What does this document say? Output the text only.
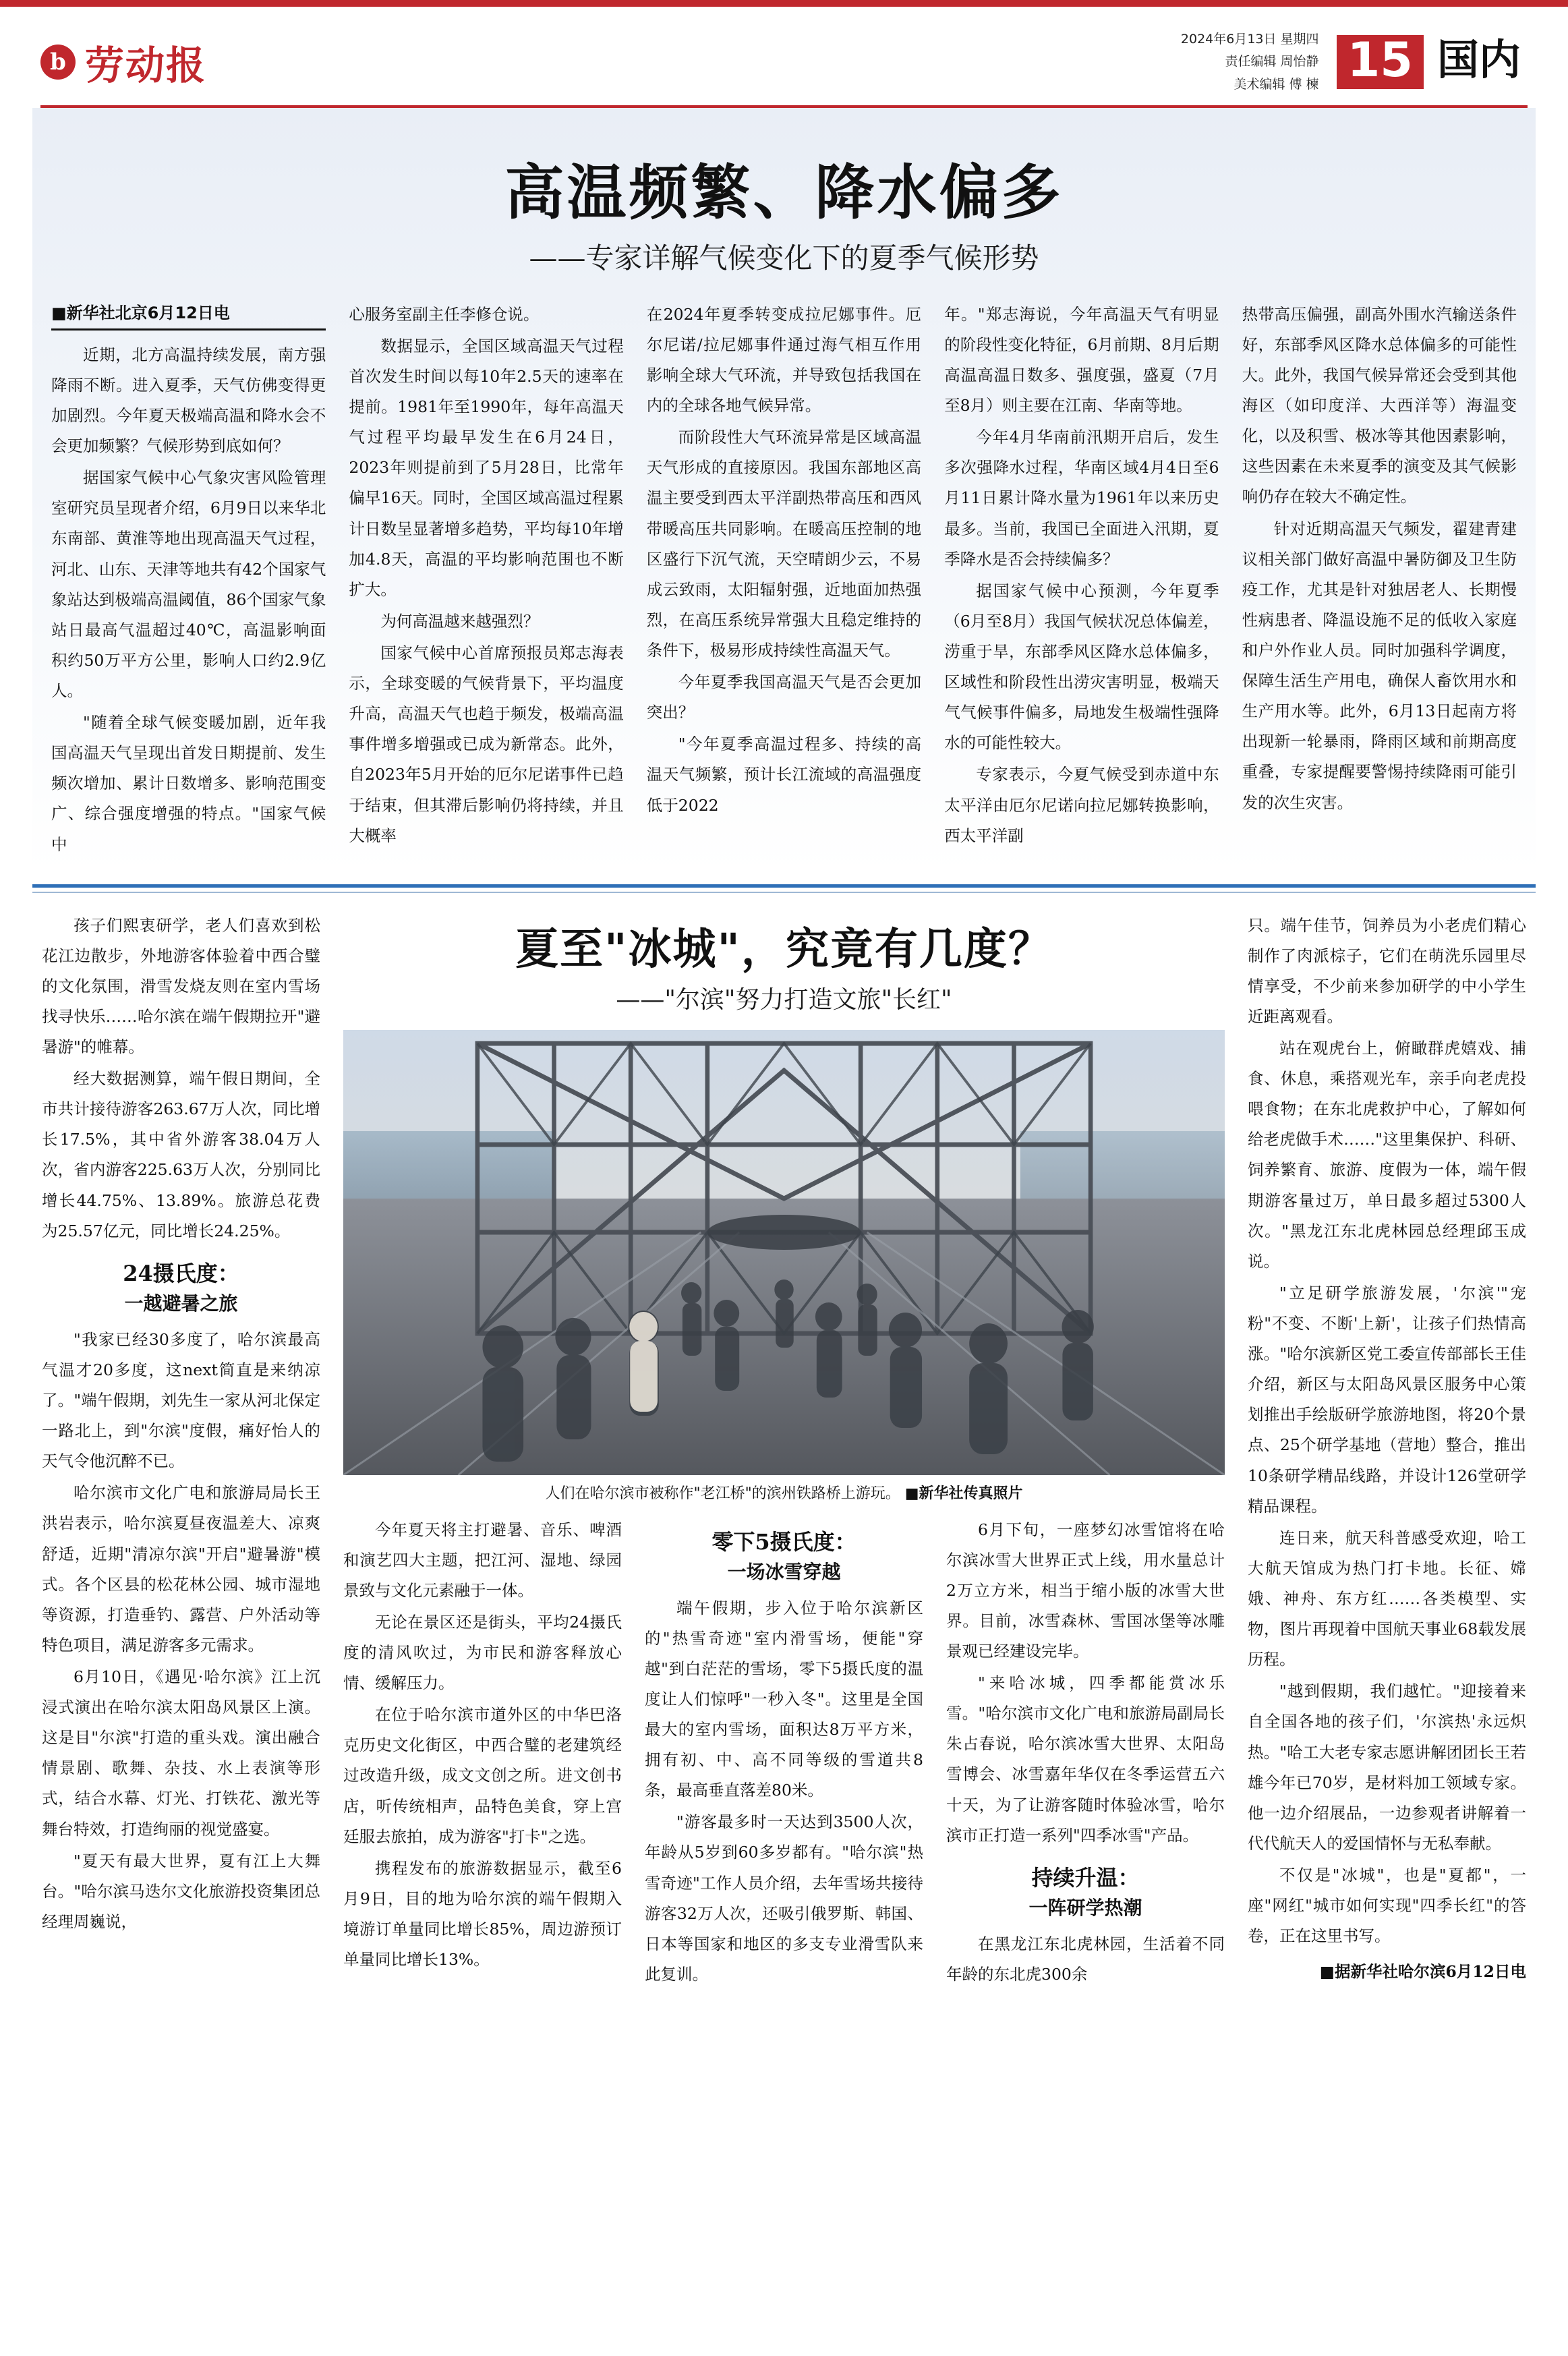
b 劳动报
2024年6月13日 星期四
责任编辑 周怡静
美术编辑 傅 楝 15 国内
高温频繁、降水偏多
——专家详解气候变化下的夏季气候形势
■新华社北京6月12日电

近期，北方高温持续发展，南方强降雨不断。进入夏季，天气仿佛变得更加剧烈。今年夏天极端高温和降水会不会更加频繁？气候形势到底如何？

据国家气候中心气象灾害风险管理室研究员呈现者介绍，6月9日以来华北东南部、黄淮等地出现高温天气过程，河北、山东、天津等地共有42个国家气象站达到极端高温阈值，86个国家气象站日最高气温超过40℃，高温影响面积约50万平方公里，影响人口约2.9亿人。

"随着全球气候变暖加剧，近年我国高温天气呈现出首发日期提前、发生频次增加、累计日数增多、影响范围变广、综合强度增强的特点。"国家气候中

心服务室副主任李修仓说。

数据显示，全国区域高温天气过程首次发生时间以每10年2.5天的速率在提前。1981年至1990年，每年高温天气过程平均最早发生在6月24日，2023年则提前到了5月28日，比常年偏早16天。同时，全国区域高温过程累计日数呈显著增多趋势，平均每10年增加4.8天，高温的平均影响范围也不断扩大。

为何高温越来越强烈？

国家气候中心首席预报员郑志海表示，全球变暖的气候背景下，平均温度升高，高温天气也趋于频发，极端高温事件增多增强或已成为新常态。此外，自2023年5月开始的厄尔尼诺事件已趋于结束，但其滞后影响仍将持续，并且大概率

在2024年夏季转变成拉尼娜事件。厄尔尼诺/拉尼娜事件通过海气相互作用影响全球大气环流，并导致包括我国在内的全球各地气候异常。

而阶段性大气环流异常是区域高温天气形成的直接原因。我国东部地区高温主要受到西太平洋副热带高压和西风带暖高压共同影响。在暖高压控制的地区盛行下沉气流，天空晴朗少云，不易成云致雨，太阳辐射强，近地面加热强烈，在高压系统异常强大且稳定维持的条件下，极易形成持续性高温天气。

今年夏季我国高温天气是否会更加突出？

"今年夏季高温过程多、持续的高温天气频繁，预计长江流域的高温强度低于2022

年。"郑志海说，今年高温天气有明显的阶段性变化特征，6月前期、8月后期高温高温日数多、强度强，盛夏（7月至8月）则主要在江南、华南等地。

今年4月华南前汛期开启后，发生多次强降水过程，华南区域4月4日至6月11日累计降水量为1961年以来历史最多。当前，我国已全面进入汛期，夏季降水是否会持续偏多？

据国家气候中心预测，今年夏季（6月至8月）我国气候状况总体偏差，涝重于旱，东部季风区降水总体偏多，区域性和阶段性出涝灾害明显，极端天气气候事件偏多，局地发生极端性强降水的可能性较大。

专家表示，今夏气候受到赤道中东太平洋由厄尔尼诺向拉尼娜转换影响，西太平洋副

热带高压偏强，副高外围水汽输送条件好，东部季风区降水总体偏多的可能性大。此外，我国气候异常还会受到其他海区（如印度洋、大西洋等）海温变化，以及积雪、极冰等其他因素影响，这些因素在未来夏季的演变及其气候影响仍存在较大不确定性。

针对近期高温天气频发，翟建青建议相关部门做好高温中暑防御及卫生防疫工作，尤其是针对独居老人、长期慢性病患者、降温设施不足的低收入家庭和户外作业人员。同时加强科学调度，保障生活生产用电，确保人畜饮用水和生产用水等。此外，6月13日起南方将出现新一轮暴雨，降雨区域和前期高度重叠，专家提醒要警惕持续降雨可能引发的次生灾害。

孩子们熙衷研学，老人们喜欢到松花江边散步，外地游客体验着中西合璧的文化氛围，滑雪发烧友则在室内雪场找寻快乐……哈尔滨在端午假期拉开"避暑游"的帷幕。

经大数据测算，端午假日期间，全市共计接待游客263.67万人次，同比增长17.5%，其中省外游客38.04万人次，省内游客225.63万人次，分别同比增长44.75%、13.89%。旅游总花费为25.57亿元，同比增长24.25%。

24摄氏度：
一越避暑之旅

"我家已经30多度了，哈尔滨最高气温才20多度，这next简直是来纳凉了。"端午假期，刘先生一家从河北保定一路北上，到"尔滨"度假，痛好怡人的天气令他沉醉不已。

哈尔滨市文化广电和旅游局局长王洪岩表示，哈尔滨夏昼夜温差大、凉爽舒适，近期"清凉尔滨"开启"避暑游"模式。各个区县的松花林公园、城市湿地等资源，打造垂钓、露营、户外活动等特色项目，满足游客多元需求。

6月10日，《遇见·哈尔滨》江上沉浸式演出在哈尔滨太阳岛风景区上演。这是目"尔滨"打造的重头戏。演出融合情景剧、歌舞、杂技、水上表演等形式，结合水幕、灯光、打铁花、激光等舞台特效，打造绚丽的视觉盛宴。

"夏天有最大世界，夏有江上大舞台。"哈尔滨马迭尔文化旅游投资集团总经理周巍说，

夏至"冰城"，究竟有几度？
——"尔滨"努力打造文旅"长红"
人们在哈尔滨市被称作"老江桥"的滨州铁路桥上游玩。 ■新华社传真照片

今年夏天将主打避暑、音乐、啤酒和演艺四大主题，把江河、湿地、绿园景致与文化元素融于一体。

无论在景区还是街头，平均24摄氏度的清风吹过，为市民和游客释放心情、缓解压力。

在位于哈尔滨市道外区的中华巴洛克历史文化街区，中西合璧的老建筑经过改造升级，成文文创之所。进文创书店，听传统相声，品特色美食，穿上宫廷服去旅拍，成为游客"打卡"之选。

携程发布的旅游数据显示，截至6月9日，目的地为哈尔滨的端午假期入境游订单量同比增长85%，周边游预订单量同比增长13%。

零下5摄氏度：
一场冰雪穿越

端午假期，步入位于哈尔滨新区的"热雪奇迹"室内滑雪场，便能"穿越"到白茫茫的雪场，零下5摄氏度的温度让人们惊呼"一秒入冬"。这里是全国最大的室内雪场，面积达8万平方米，拥有初、中、高不同等级的雪道共8条，最高垂直落差80米。

"游客最多时一天达到3500人次，年龄从5岁到60多岁都有。"哈尔滨"热雪奇迹"工作人员介绍，去年雪场共接待游客32万人次，还吸引俄罗斯、韩国、日本等国家和地区的多支专业滑雪队来此复训。

6月下旬，一座梦幻冰雪馆将在哈尔滨冰雪大世界正式上线，用水量总计2万立方米，相当于缩小版的冰雪大世界。目前，冰雪森林、雪国冰堡等冰雕景观已经建设完毕。

"来哈冰城，四季都能赏冰乐雪。"哈尔滨市文化广电和旅游局副局长朱占春说，哈尔滨冰雪大世界、太阳岛雪博会、冰雪嘉年华仅在冬季运营五六十天，为了让游客随时体验冰雪，哈尔滨市正打造一系列"四季冰雪"产品。

持续升温：
一阵研学热潮

在黑龙江东北虎林园，生活着不同年龄的东北虎300余

只。端午佳节，饲养员为小老虎们精心制作了肉派棕子，它们在萌洗乐园里尽情享受，不少前来参加研学的中小学生近距离观看。

站在观虎台上，俯瞰群虎嬉戏、捕食、休息，乘搭观光车，亲手向老虎投喂食物；在东北虎救护中心，了解如何给老虎做手术……"这里集保护、科研、饲养繁育、旅游、度假为一体，端午假期游客量过万，单日最多超过5300人次。"黑龙江东北虎林园总经理邱玉成说。

"立足研学旅游发展，'尔滨'"宠粉"不变、不断'上新'，让孩子们热情高涨。"哈尔滨新区党工委宣传部部长王佳介绍，新区与太阳岛风景区服务中心策划推出手绘版研学旅游地图，将20个景点、25个研学基地（营地）整合，推出10条研学精品线路，并设计126堂研学精品课程。

连日来，航天科普感受欢迎，哈工大航天馆成为热门打卡地。长征、嫦娥、神舟、东方红……各类模型、实物，图片再现着中国航天事业68载发展历程。

"越到假期，我们越忙。"迎接着来自全国各地的孩子们，'尔滨热'永远炽热。"哈工大老专家志愿讲解团团长王若雄今年已70岁，是材料加工领域专家。他一边介绍展品，一边参观者讲解着一代代航天人的爱国情怀与无私奉献。

不仅是"冰城"，也是"夏都"，一座"网红"城市如何实现"四季长红"的答卷，正在这里书写。

■据新华社哈尔滨6月12日电
